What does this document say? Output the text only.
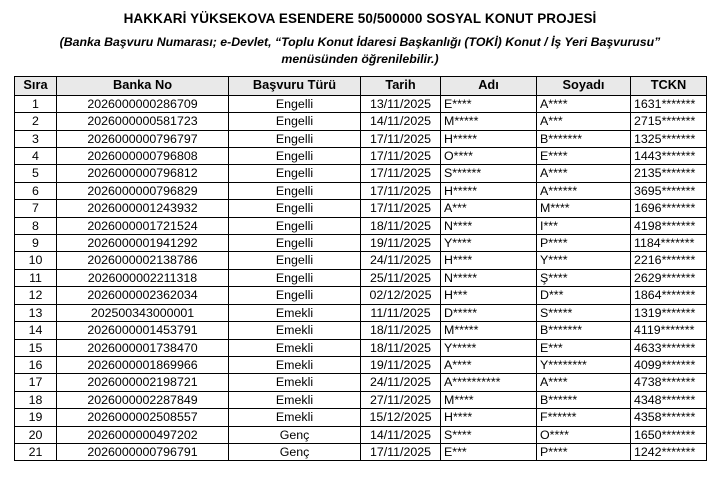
HAKKARİ YÜKSEKOVA ESENDERE 50/500000 SOSYAL KONUT PROJESİ
(Banka Başvuru Numarası; e-Devlet, “Toplu Konut İdaresi Başkanlığı (TOKİ) Konut / İş Yeri Başvurusu”
menüsünden öğrenilebilir.)
Sıra	Banka No	Başvuru Türü	Tarih	Adı	Soyadı	TCKN
1	2026000000286709	Engelli	13/11/2025	E****	A****	1631*******
2	2026000000581723	Engelli	14/11/2025	M*****	A***	2715*******
3	2026000000796797	Engelli	17/11/2025	H*****	B*******	1325*******
4	2026000000796808	Engelli	17/11/2025	O****	E****	1443*******
5	2026000000796812	Engelli	17/11/2025	S******	A****	2135*******
6	2026000000796829	Engelli	17/11/2025	H*****	A******	3695*******
7	2026000001243932	Engelli	17/11/2025	A***	M****	1696*******
8	2026000001721524	Engelli	18/11/2025	N****	I***	4198*******
9	2026000001941292	Engelli	19/11/2025	Y****	P****	1184*******
10	2026000002138786	Engelli	24/11/2025	H****	Y****	2216*******
11	2026000002211318	Engelli	25/11/2025	N*****	Ş****	2629*******
12	2026000002362034	Engelli	02/12/2025	H***	D***	1864*******
13	202500343000001	Emekli	11/11/2025	D*****	S*****	1319*******
14	2026000001453791	Emekli	18/11/2025	M*****	B*******	4119*******
15	2026000001738470	Emekli	18/11/2025	Y*****	E***	4633*******
16	2026000001869966	Emekli	19/11/2025	A****	Y********	4099*******
17	2026000002198721	Emekli	24/11/2025	A**********	A****	4738*******
18	2026000002287849	Emekli	27/11/2025	M****	B******	4348*******
19	2026000002508557	Emekli	15/12/2025	H****	F******	4358*******
20	2026000000497202	Genç	14/11/2025	S****	O****	1650*******
21	2026000000796791	Genç	17/11/2025	E***	P****	1242*******
